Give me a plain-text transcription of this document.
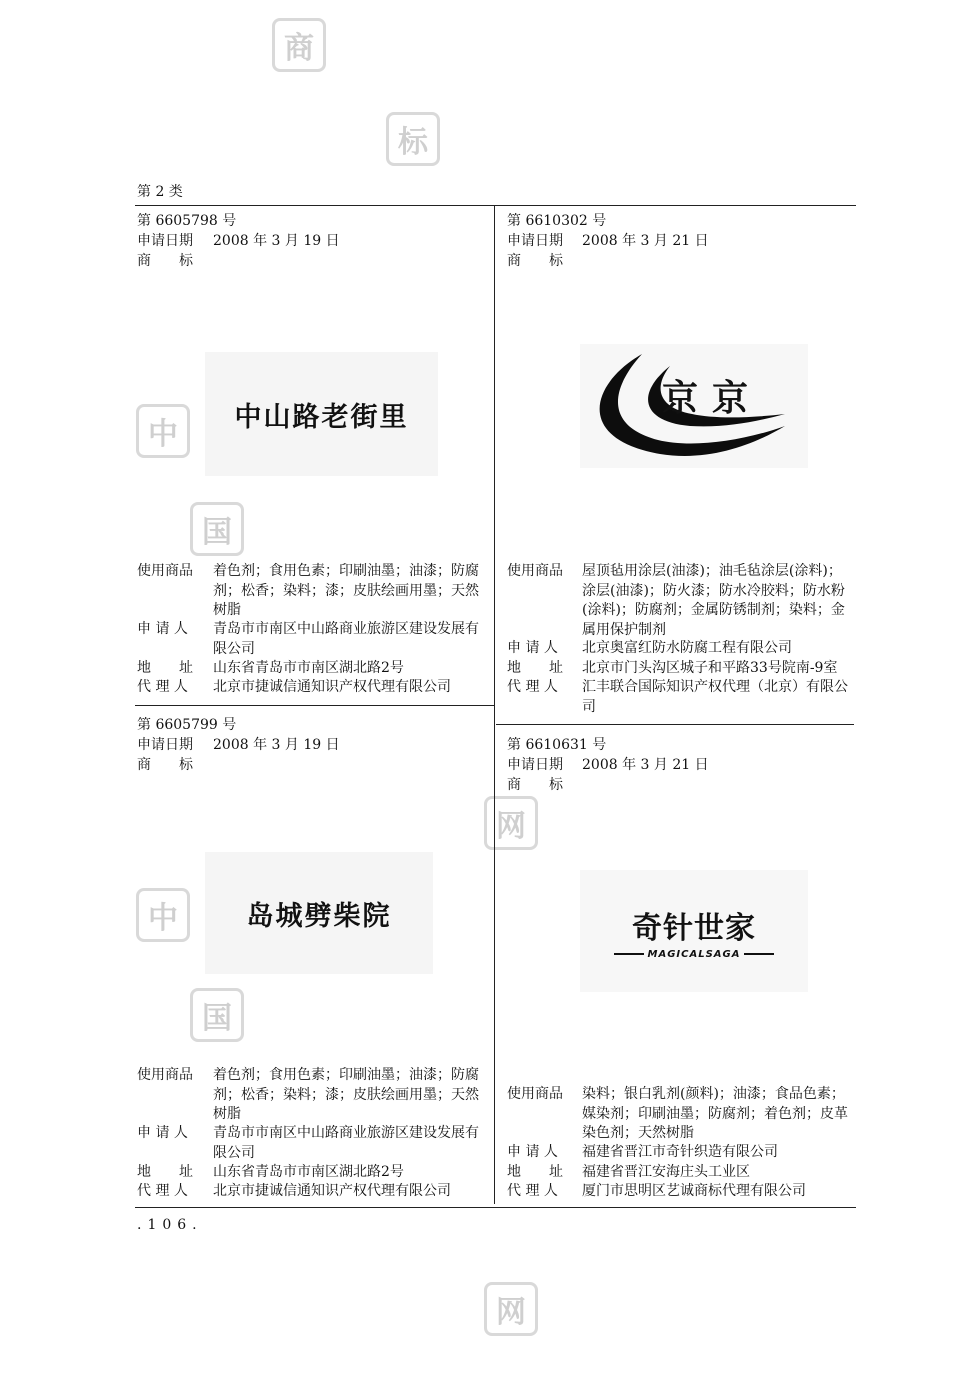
商
标
中
国
网
中
国
网
第 2 类
.106.
第 6605798 号
申请日期 2008 年 3 月 19 日
商　　标
中山路老街里
使用商品 着色剂；食用色素；印刷油墨；油漆；防腐剂；松香；染料；漆；皮肤绘画用墨；天然树脂
申 请 人 青岛市市南区中山路商业旅游区建设发展有限公司
地　　址 山东省青岛市市南区湖北路2号
代 理 人 北京市捷诚信通知识产权代理有限公司
第 6610302 号
申请日期 2008 年 3 月 21 日
商　　标
京京
使用商品 屋顶毡用涂层(油漆)；油毛毡涂层(涂料)；涂层(油漆)；防火漆；防水冷胶料；防水粉(涂料)；防腐剂；金属防锈制剂；染料；金属用保护制剂
申 请 人 北京奥富红防水防腐工程有限公司
地　　址 北京市门头沟区城子和平路33号院南-9室
代 理 人 汇丰联合国际知识产权代理（北京）有限公司
第 6605799 号
申请日期 2008 年 3 月 19 日
商　　标
岛城劈柴院
使用商品 着色剂；食用色素；印刷油墨；油漆；防腐剂；松香；染料；漆；皮肤绘画用墨；天然树脂
申 请 人 青岛市市南区中山路商业旅游区建设发展有限公司
地　　址 山东省青岛市市南区湖北路2号
代 理 人 北京市捷诚信通知识产权代理有限公司
第 6610631 号
申请日期 2008 年 3 月 21 日
商　　标
奇针世家
MAGICALSAGA
使用商品 染料；银白乳剂(颜料)；油漆；食品色素；媒染剂；印刷油墨；防腐剂；着色剂；皮革染色剂；天然树脂
申 请 人 福建省晋江市奇针织造有限公司
地　　址 福建省晋江安海庄头工业区
代 理 人 厦门市思明区艺诚商标代理有限公司
